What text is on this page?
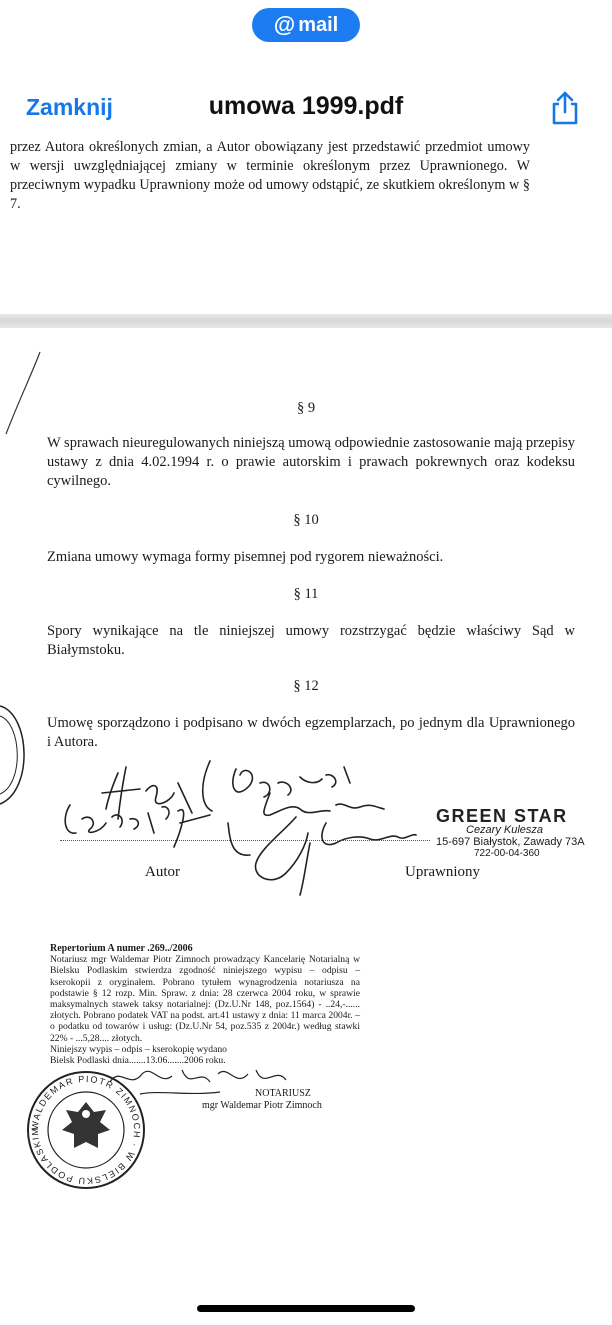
@ mail
Zamknij	umowa 1999.pdf
przez Autora określonych zmian, a Autor obowiązany jest przedstawić przedmiot umowy w wersji uwzględniającej zmiany w terminie określonym przez Uprawnionego. W przeciwnym wypadku Uprawniony może od umowy odstąpić, ze skutkiem określonym w § 7.
§ 9
W sprawach nieuregulowanych niniejszą umową odpowiednie zastosowanie mają przepisy ustawy z dnia 4.02.1994 r. o prawie autorskim i prawach pokrewnych oraz kodeksu cywilnego.
§ 10
Zmiana umowy wymaga formy pisemnej pod rygorem nieważności.
§ 11
Spory wynikające na tle niniejszej umowy rozstrzygać będzie właściwy Sąd w Białymstoku.
§ 12
Umowę sporządzono i podpisano w dwóch egzemplarzach, po jednym dla Uprawnionego i Autora.
Autor	Uprawniony
GREEN STAR
Cezary Kulesza
15-697 Białystok, Zawady 73A
722-00-04-360
Repertorium A numer .269../2006
Notariusz mgr Waldemar Piotr Zimnoch prowadzący Kancelarię Notarialną w Bielsku Podlaskim stwierdza zgodność niniejszego wypisu – odpisu – kserokopii z oryginałem. Pobrano tytułem wynagrodzenia notariusza na podstawie § 12 rozp. Min. Spraw. z dnia: 28 czerwca 2004 roku, w sprawie maksymalnych stawek taksy notarialnej: (Dz.U.Nr 148, poz.1564) - ..24,-...... złotych. Pobrano podatek VAT na podst. art.41 ustawy z dnia: 11 marca 2004r. – o podatku od towarów i usług: (Dz.U.Nr 54, poz.535 z 2004r.) według stawki 22% - ...5,28.... złotych.
Niniejszy wypis – odpis – kserokopię wydano
Bielsk Podlaski dnia.......13.06.......2006 roku.
NOTARIUSZ
mgr Waldemar Piotr Zimnoch
WALDEMAR PIOTR ZIMNOCH · W BIELSKU PODLASKIM
